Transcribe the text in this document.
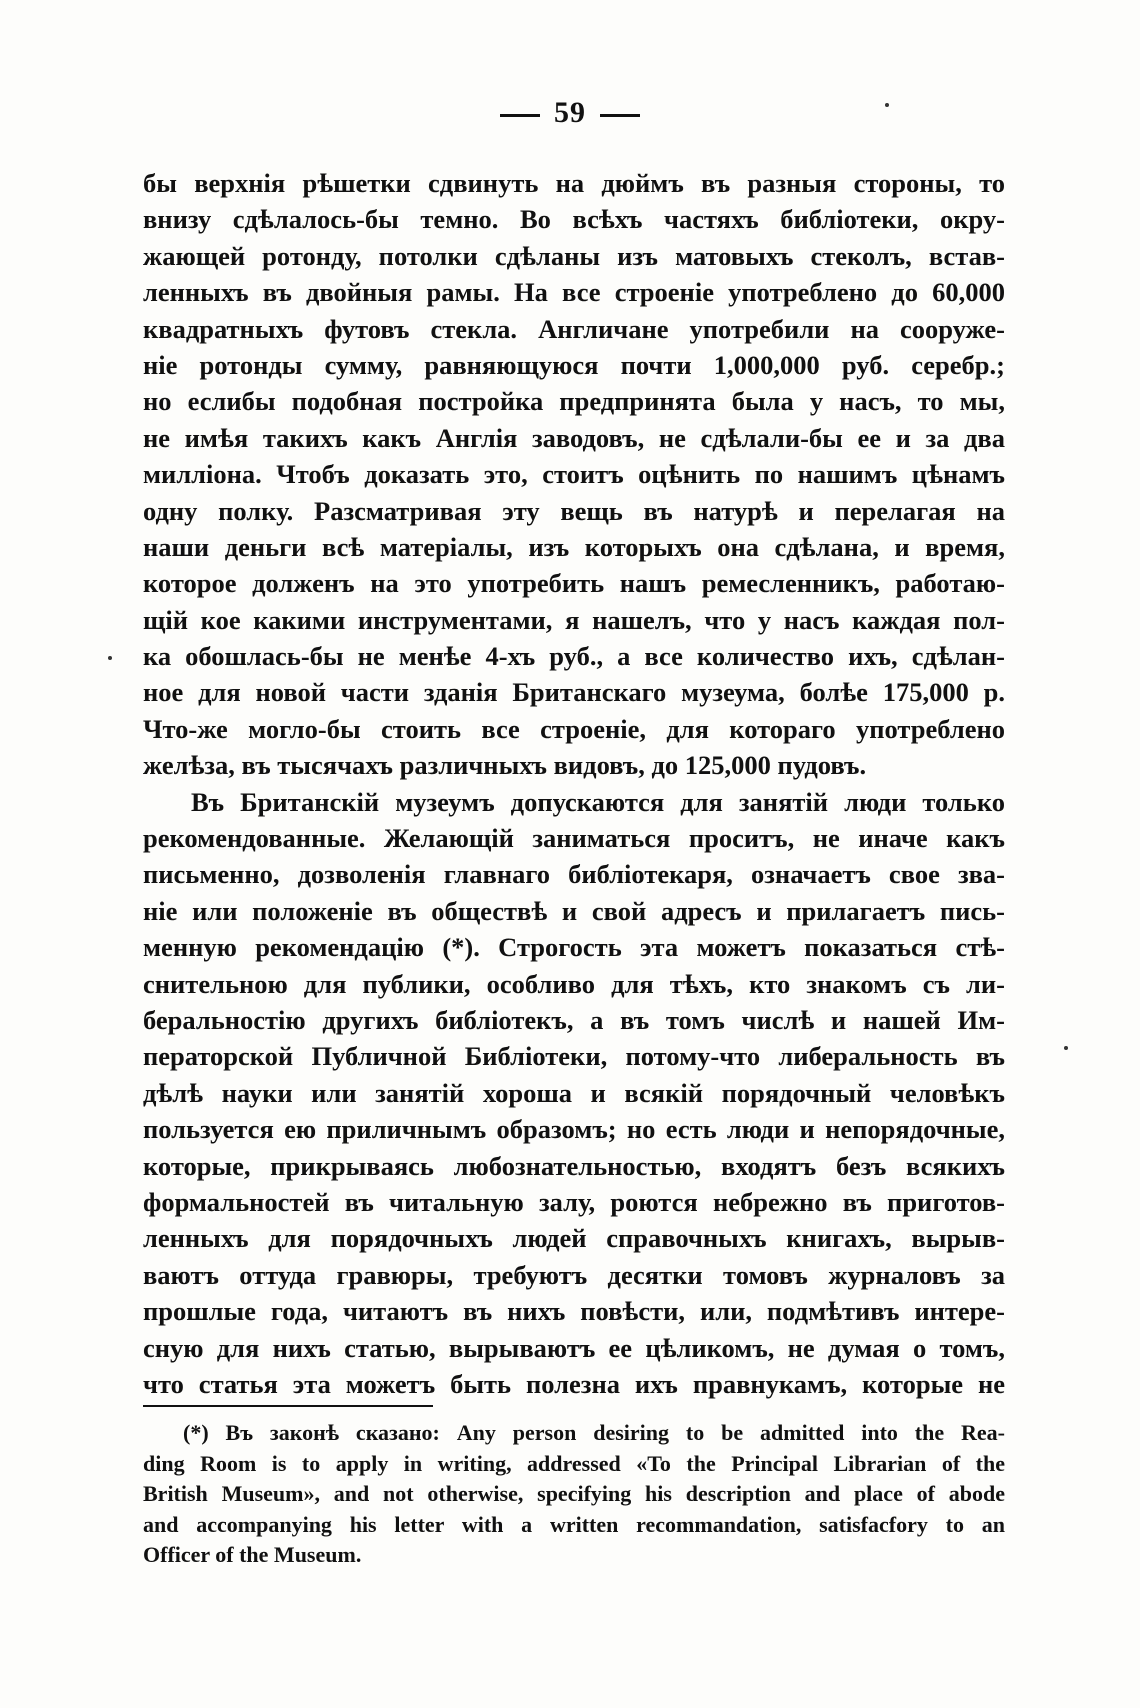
59
бы верхнія рѣшетки сдвинуть на дюймъ въ разныя стороны, то
внизу сдѣлалось-бы темно. Во всѣхъ частяхъ библіотеки, окру-
жающей ротонду, потолки сдѣланы изъ матовыхъ стеколъ, встав-
ленныхъ въ двойныя рамы. На все строеніе употреблено до 60,000
квадратныхъ футовъ стекла. Англичане употребили на сооруже-
ніе ротонды сумму, равняющуюся почти 1,000,000 руб. серебр.;
но еслибы подобная постройка предпринята была у насъ, то мы,
не имѣя такихъ какъ Англія заводовъ, не сдѣлали-бы ее и за два
милліона. Чтобъ доказать это, стоитъ оцѣнить по нашимъ цѣнамъ
одну полку. Разсматривая эту вещь въ натурѣ и перелагая на
наши деньги всѣ матеріалы, изъ которыхъ она сдѣлана, и время,
которое долженъ на это употребить нашъ ремесленникъ, работаю-
щій кое какими инструментами, я нашелъ, что у насъ каждая пол-
ка обошлась-бы не менѣе 4-хъ руб., а все количество ихъ, сдѣлан-
ное для новой части зданія Британскаго музеума, болѣе 175,000 р.
Что-же могло-бы стоить все строеніе, для котораго употреблено
желѣза, въ тысячахъ различныхъ видовъ, до 125,000 пудовъ.
Въ Британскій музеумъ допускаются для занятій люди только
рекомендованные. Желающій заниматься проситъ, не иначе какъ
письменно, дозволенія главнаго библіотекаря, означаетъ свое зва-
ніе или положеніе въ обществѣ и свой адресъ и прилагаетъ пись-
менную рекомендацію (*). Строгость эта можетъ показаться стѣ-
снительною для публики, особливо для тѣхъ, кто знакомъ съ ли-
беральностію другихъ библіотекъ, а въ томъ числѣ и нашей Им-
ператорской Публичной Библіотеки, потому-что либеральность въ
дѣлѣ науки или занятій хороша и всякій порядочный человѣкъ
пользуется ею приличнымъ образомъ; но есть люди и непорядочные,
которые, прикрываясь любознательностью, входятъ безъ всякихъ
формальностей въ читальную залу, роются небрежно въ приготов-
ленныхъ для порядочныхъ людей справочныхъ книгахъ, вырыв-
ваютъ оттуда гравюры, требуютъ десятки томовъ журналовъ за
прошлые года, читаютъ въ нихъ повѣсти, или, подмѣтивъ интере-
сную для нихъ статью, вырываютъ ее цѣликомъ, не думая о томъ,
что статья эта можетъ быть полезна ихъ правнукамъ, которые не
(*) Въ законѣ сказано: Any person desiring to be admitted into the Rea-
ding Room is to apply in writing, addressed «To the Principal Librarian of the
British Museum», and not otherwise, specifying his description and place of abode
and accompanying his letter with a written recommandation, satisfacfory to an
Officer of the Museum.
